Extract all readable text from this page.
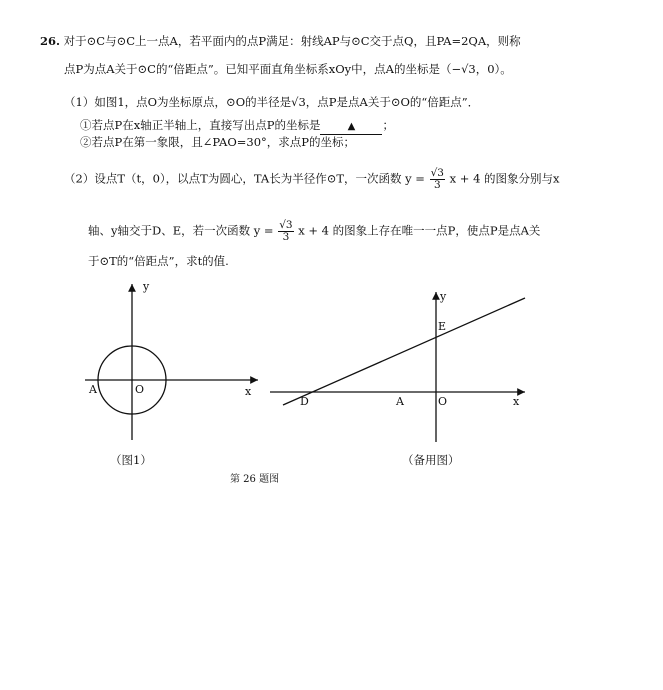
26. 对于⊙C与⊙C上一点A，若平面内的点P满足：射线AP与⊙C交于点Q，且PA=2QA，则称
点P为点A关于⊙C的“倍距点”。已知平面直角坐标系xOy中，点A的坐标是（−√3，0）。
（1）如图1，点O为坐标原点，⊙O的半径是√3，点P是点A关于⊙O的“倍距点”．
①若点P在x轴正半轴上，直接写出点P的坐标是	▲ ；
②若点P在第一象限，且∠PAO=30°，求点P的坐标；
（2）设点T（t，0），以点T为圆心，TA长为半径作⊙T，一次函数 $y = \frac{√3}{3}$ x + 4 的图象分别与x
轴、y轴交于D、E，若一次函数 $y = \frac{√3}{3}$ x + 4 的图象上存在唯一一点P，使点P是点A关
于⊙T的“倍距点”，求t的值.
y
x
O
A
y
x
O
A
D
E
（图1）	（备用图）
第 26 题图
